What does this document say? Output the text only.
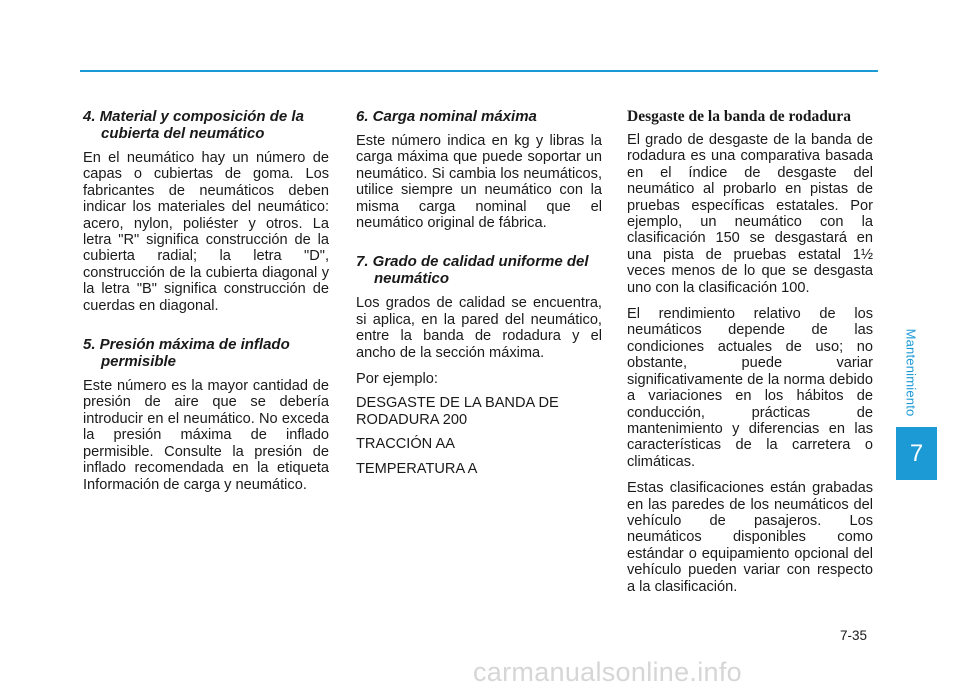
4. Material y composición de la cubierta del neumático

En el neumático hay un número de capas o cubiertas de goma. Los fabricantes de neumáticos deben indicar los materiales del neumático: acero, nylon, poliéster y otros. La letra "R" significa construcción de la cubierta radial; la letra "D", construcción de la cubierta diagonal y la letra "B" significa construcción de cuerdas en diagonal.

5. Presión máxima de inflado permisible

Este número es la mayor cantidad de presión de aire que se debería introducir en el neumático. No exceda la presión máxima de inflado permisible. Consulte la presión de inflado recomendada en la etiqueta Información de carga y neumático.

6. Carga nominal máxima

Este número indica en kg y libras la carga máxima que puede soportar un neumático. Si cambia los neumáticos, utilice siempre un neumático con la misma carga nominal que el neumático original de fábrica.

7. Grado de calidad uniforme del neumático

Los grados de calidad se encuentra, si aplica, en la pared del neumático, entre la banda de rodadura y el ancho de la sección máxima.

Por ejemplo:

DESGASTE DE LA BANDA DE RODADURA 200

TRACCIÓN AA

TEMPERATURA A

Desgaste de la banda de rodadura

El grado de desgaste de la banda de rodadura es una comparativa basada en el índice de desgaste del neumático al probarlo en pistas de pruebas específicas estatales. Por ejemplo, un neumático con la clasificación 150 se desgastará en una pista de pruebas estatal 1½ veces menos de lo que se desgasta uno con la clasificación 100.

El rendimiento relativo de los neumáticos depende de las condiciones actuales de uso; no obstante, puede variar significativamente de la norma debido a variaciones en los hábitos de conducción, prácticas de mantenimiento y diferencias en las características de la carretera o climáticas.

Estas clasificaciones están grabadas en las paredes de los neumáticos del vehículo de pasajeros. Los neumáticos disponibles como estándar o equipamiento opcional del vehículo pueden variar con respecto a la clasificación.

Mantenimiento
7
7-35
carmanualsonline.info
